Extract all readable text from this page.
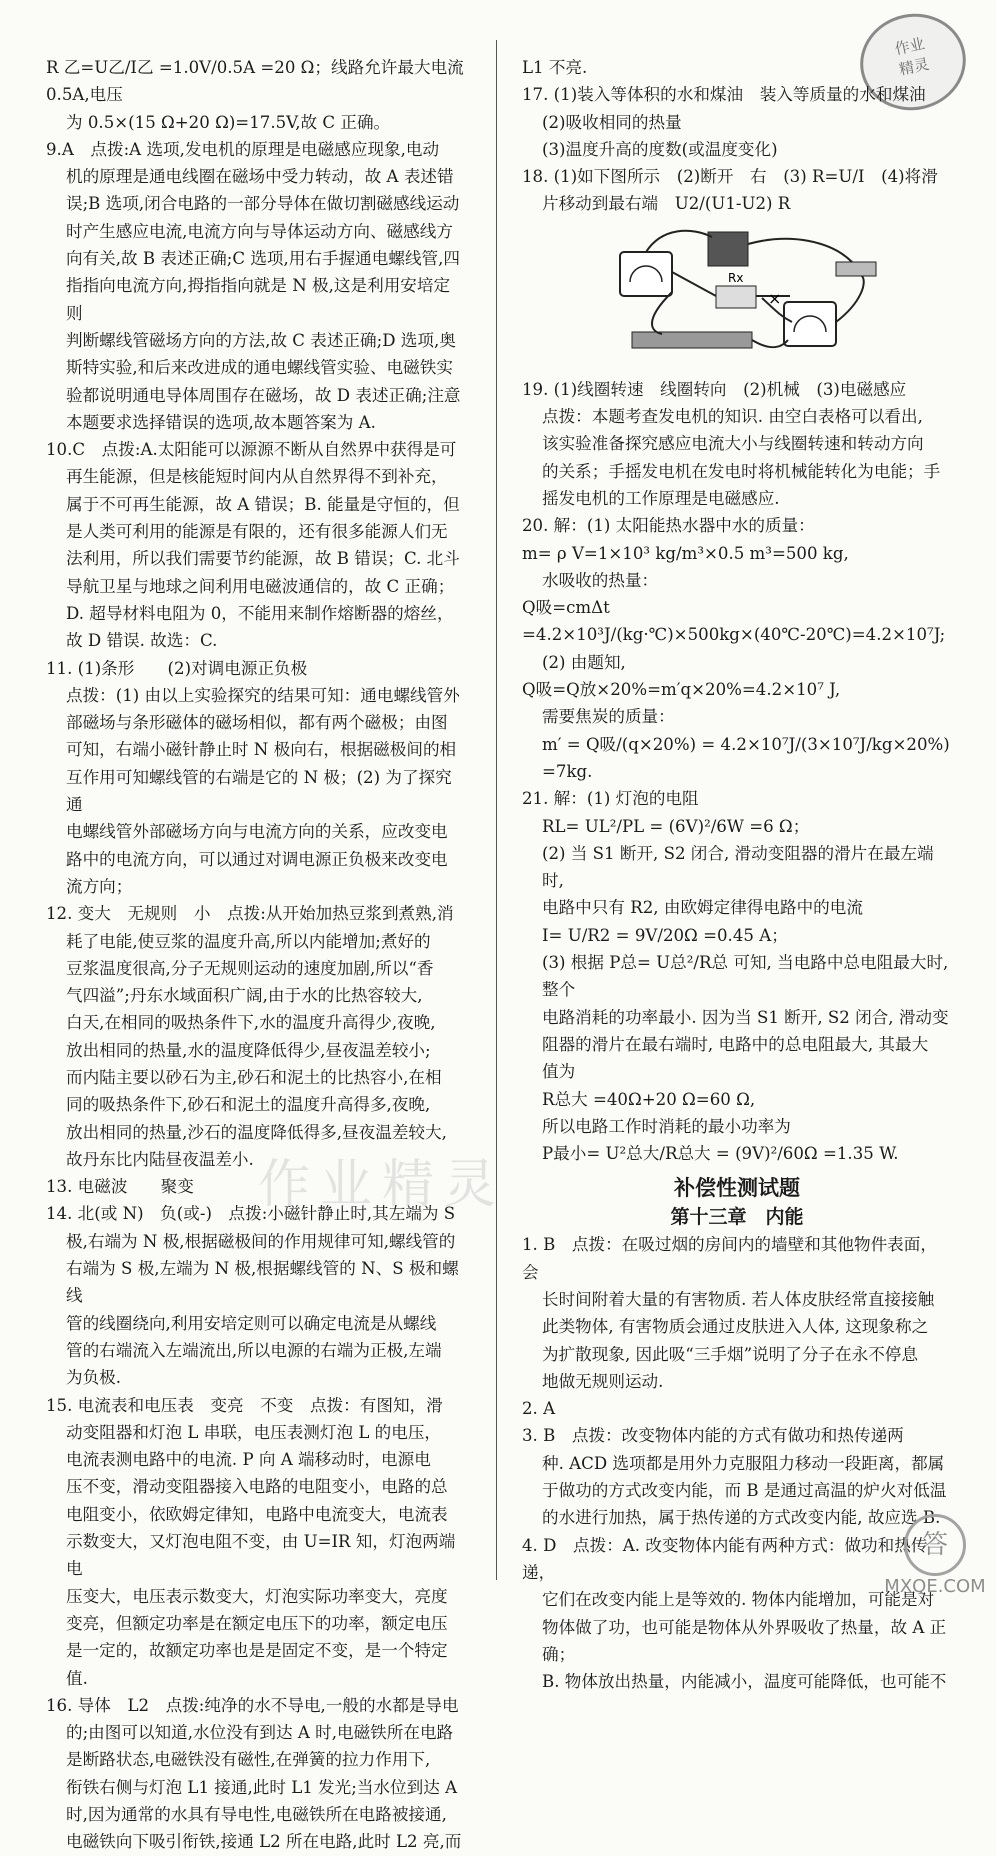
作业
精灵

R 乙=U乙/I乙 =1.0V/0.5A =20 Ω；线路允许最大电流 0.5A,电压

为 0.5×(15 Ω+20 Ω)=17.5V,故 C 正确。

9.A　点拨:A 选项,发电机的原理是电磁感应现象,电动

机的原理是通电线圈在磁场中受力转动，故 A 表述错

误;B 选项,闭合电路的一部分导体在做切割磁感线运动

时产生感应电流,电流方向与导体运动方向、磁感线方

向有关,故 B 表述正确;C 选项,用右手握通电螺线管,四

指指向电流方向,拇指指向就是 N 极,这是利用安培定则

判断螺线管磁场方向的方法,故 C 表述正确;D 选项,奥

斯特实验,和后来改进成的通电螺线管实验、电磁铁实

验都说明通电导体周围存在磁场，故 D 表述正确;注意

本题要求选择错误的选项,故本题答案为 A.

10.C　点拨:A.太阳能可以源源不断从自然界中获得是可

再生能源，但是核能短时间内从自然界得不到补充，

属于不可再生能源，故 A 错误；B. 能量是守恒的，但

是人类可利用的能源是有限的，还有很多能源人们无

法利用，所以我们需要节约能源，故 B 错误；C. 北斗

导航卫星与地球之间利用电磁波通信的，故 C 正确；

D. 超导材料电阻为 0，不能用来制作熔断器的熔丝，

故 D 错误. 故选：C.

11. (1)条形　　(2)对调电源正负极

点拨：(1) 由以上实验探究的结果可知：通电螺线管外

部磁场与条形磁体的磁场相似，都有两个磁极；由图

可知，右端小磁针静止时 N 极向右，根据磁极间的相

互作用可知螺线管的右端是它的 N 极；(2) 为了探究通

电螺线管外部磁场方向与电流方向的关系，应改变电

路中的电流方向，可以通过对调电源正负极来改变电

流方向；

12. 变大　无规则　小　点拨:从开始加热豆浆到煮熟,消

耗了电能,使豆浆的温度升高,所以内能增加;煮好的

豆浆温度很高,分子无规则运动的速度加剧,所以“香

气四溢”;丹东水域面积广阔,由于水的比热容较大,

白天,在相同的吸热条件下,水的温度升高得少,夜晚,

放出相同的热量,水的温度降低得少,昼夜温差较小;

而内陆主要以砂石为主,砂石和泥土的比热容小,在相

同的吸热条件下,砂石和泥土的温度升高得多,夜晚,

放出相同的热量,沙石的温度降低得多,昼夜温差较大,

故丹东比内陆昼夜温差小.

13. 电磁波　　聚变

14. 北(或 N)　负(或-)　点拨:小磁针静止时,其左端为 S

极,右端为 N 极,根据磁极间的作用规律可知,螺线管的

右端为 S 极,左端为 N 极,根据螺线管的 N、S 极和螺线

管的线圈绕向,利用安培定则可以确定电流是从螺线

管的右端流入左端流出,所以电源的右端为正极,左端

为负极.

15. 电流表和电压表　变亮　不变　点拨：有图知，滑

动变阻器和灯泡 L 串联，电压表测灯泡 L 的电压，

电流表测电路中的电流. P 向 A 端移动时，电源电

压不变，滑动变阻器接入电路的电阻变小，电路的总

电阻变小，依欧姆定律知，电路中电流变大，电流表

示数变大，又灯泡电阻不变，由 U=IR 知，灯泡两端电

压变大，电压表示数变大，灯泡实际功率变大，亮度

变亮，但额定功率是在额定电压下的功率，额定电压

是一定的，故额定功率也是是固定不变，是一个特定

值.

16. 导体　L2　点拨:纯净的水不导电,一般的水都是导电

的;由图可以知道,水位没有到达 A 时,电磁铁所在电路

是断路状态,电磁铁没有磁性,在弹簧的拉力作用下,

衔铁右侧与灯泡 L1 接通,此时 L1 发光;当水位到达 A

时,因为通常的水具有导电性,电磁铁所在电路被接通,

电磁铁向下吸引衔铁,接通 L2 所在电路,此时 L2 亮,而

L1 不亮.

17. (1)装入等体积的水和煤油　装入等质量的水和煤油

(2)吸收相同的热量

(3)温度升高的度数(或温度变化)

18. (1)如下图所示　(2)断开　右　(3) R=U/I　(4)将滑

片移动到最右端　U2/(U1-U2) R

Rx
×

19. (1)线圈转速　线圈转向　(2)机械　(3)电磁感应

点拨：本题考查发电机的知识. 由空白表格可以看出,

该实验准备探究感应电流大小与线圈转速和转动方向

的关系；手摇发电机在发电时将机械能转化为电能；手

摇发电机的工作原理是电磁感应.

20. 解：(1) 太阳能热水器中水的质量：

m= ρ V=1×10³ kg/m³×0.5 m³=500 kg,

水吸收的热量：

Q吸=cmΔt

=4.2×10³J/(kg·℃)×500kg×(40℃-20℃)=4.2×10⁷J;

(2) 由题知,

Q吸=Q放×20%=m′q×20%=4.2×10⁷ J,

需要焦炭的质量：

m′ = Q吸/(q×20%) = 4.2×10⁷J/(3×10⁷J/kg×20%) =7kg.

21. 解：(1) 灯泡的电阻

RL= UL²/PL = (6V)²/6W =6 Ω；

(2) 当 S1 断开, S2 闭合, 滑动变阻器的滑片在最左端时,

电路中只有 R2, 由欧姆定律得电路中的电流

I= U/R2 = 9V/20Ω =0.45 A；

(3) 根据 P总= U总²/R总 可知, 当电路中总电阻最大时, 整个

电路消耗的功率最小. 因为当 S1 断开, S2 闭合, 滑动变

阻器的滑片在最右端时, 电路中的总电阻最大, 其最大

值为

R总大 =40Ω+20 Ω=60 Ω,

所以电路工作时消耗的最小功率为

P最小= U²总大/R总大 = (9V)²/60Ω =1.35 W.

补偿性测试题

第十三章　内能

1. B　点拨：在吸过烟的房间内的墙壁和其他物件表面，会

长时间附着大量的有害物质. 若人体皮肤经常直接接触

此类物体, 有害物质会通过皮肤进入人体, 这现象称之

为扩散现象, 因此吸“三手烟”说明了分子在永不停息

地做无规则运动.

2. A

3. B　点拨：改变物体内能的方式有做功和热传递两

种. ACD 选项都是用外力克服阻力移动一段距离，都属

于做功的方式改变内能，而 B 是通过高温的炉火对低温

的水进行加热，属于热传递的方式改变内能, 故应选 B.

4. D　点拨：A. 改变物体内能有两种方式：做功和热传递，

它们在改变内能上是等效的. 物体内能增加，可能是对

物体做了功，也可能是物体从外界吸收了热量，故 A 正确；

B. 物体放出热量，内能减小，温度可能降低，也可能不

作业精灵
答
MXQE.COM
